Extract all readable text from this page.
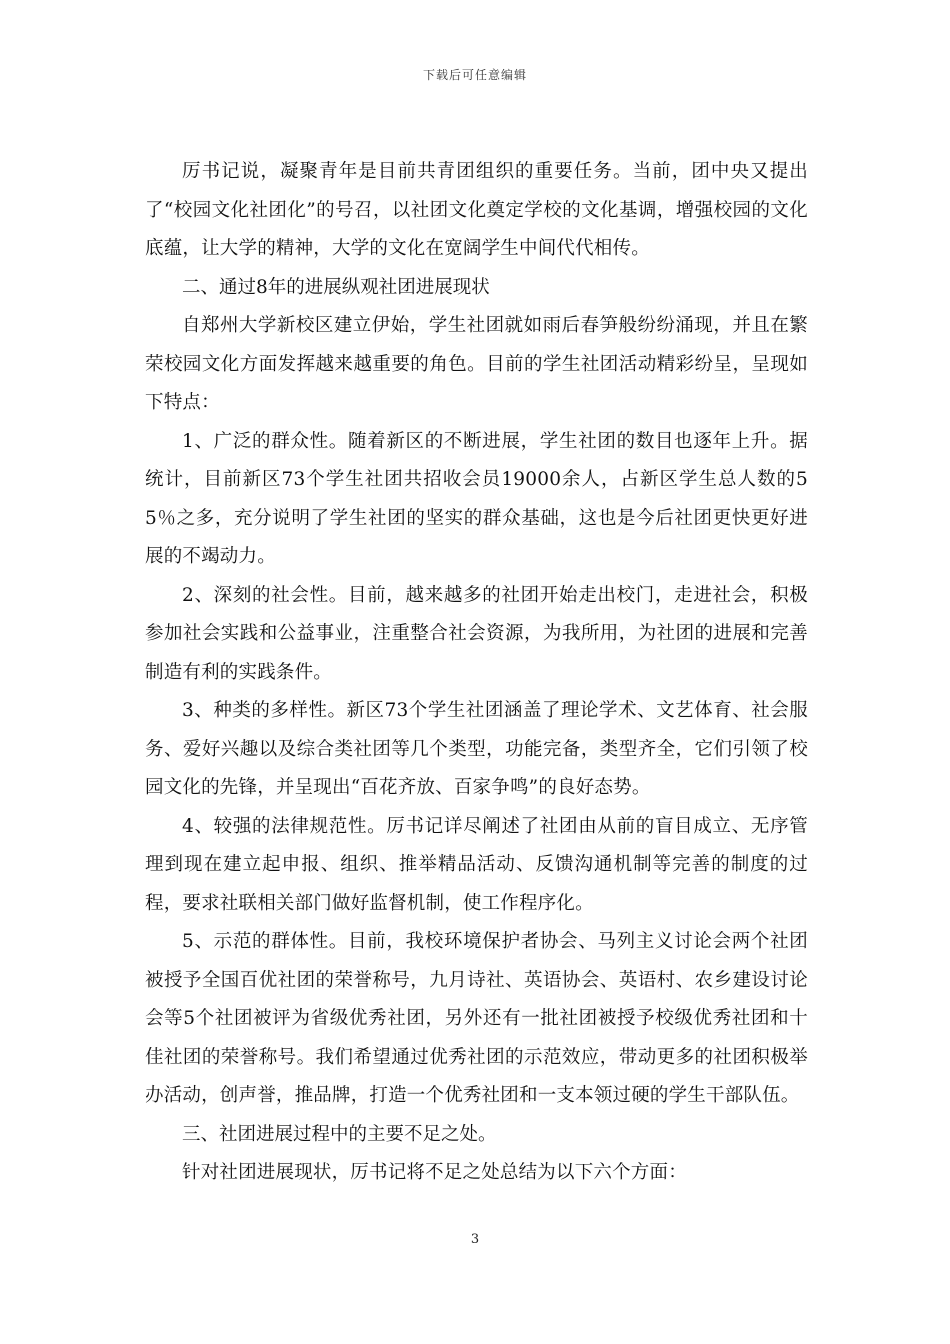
下载后可任意编辑

厉书记说，凝聚青年是目前共青团组织的重要任务。当前，团中央又提出了“校园文化社团化”的号召，以社团文化奠定学校的文化基调，增强校园的文化底蕴，让大学的精神，大学的文化在宽阔学生中间代代相传。

二、通过8年的进展纵观社团进展现状

自郑州大学新校区建立伊始，学生社团就如雨后春笋般纷纷涌现，并且在繁荣校园文化方面发挥越来越重要的角色。目前的学生社团活动精彩纷呈，呈现如下特点：

1、广泛的群众性。随着新区的不断进展，学生社团的数目也逐年上升。据统计，目前新区73个学生社团共招收会员19000余人，占新区学生总人数的55％之多，充分说明了学生社团的坚实的群众基础，这也是今后社团更快更好进展的不竭动力。

2、深刻的社会性。目前，越来越多的社团开始走出校门，走进社会，积极参加社会实践和公益事业，注重整合社会资源，为我所用，为社团的进展和完善制造有利的实践条件。

3、种类的多样性。新区73个学生社团涵盖了理论学术、文艺体育、社会服务、爱好兴趣以及综合类社团等几个类型，功能完备，类型齐全，它们引领了校园文化的先锋，并呈现出“百花齐放、百家争鸣”的良好态势。

4、较强的法律规范性。厉书记详尽阐述了社团由从前的盲目成立、无序管理到现在建立起申报、组织、推举精品活动、反馈沟通机制等完善的制度的过程，要求社联相关部门做好监督机制，使工作程序化。

5、示范的群体性。目前，我校环境保护者协会、马列主义讨论会两个社团被授予全国百优社团的荣誉称号，九月诗社、英语协会、英语村、农乡建设讨论会等5个社团被评为省级优秀社团，另外还有一批社团被授予校级优秀社团和十佳社团的荣誉称号。我们希望通过优秀社团的示范效应，带动更多的社团积极举办活动，创声誉，推品牌，打造一个优秀社团和一支本领过硬的学生干部队伍。

三、社团进展过程中的主要不足之处。

针对社团进展现状，厉书记将不足之处总结为以下六个方面：

3
